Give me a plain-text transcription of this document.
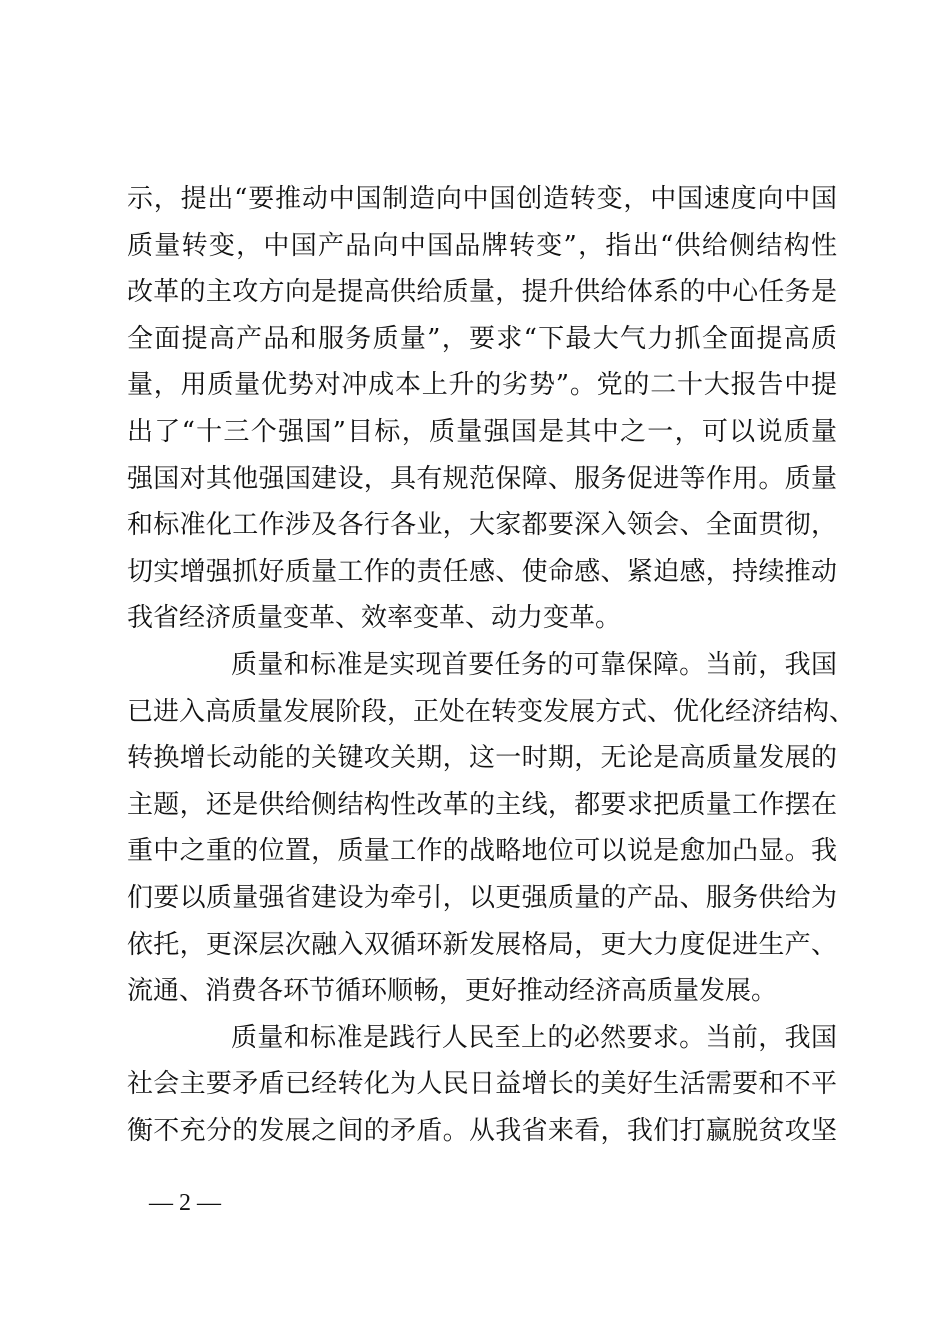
示，提出“要推动中国制造向中国创造转变，中国速度向中国
质量转变，中国产品向中国品牌转变”，指出“供给侧结构性
改革的主攻方向是提高供给质量，提升供给体系的中心任务是
全面提高产品和服务质量”，要求“下最大气力抓全面提高质
量，用质量优势对冲成本上升的劣势”。党的二十大报告中提
出了“十三个强国”目标，质量强国是其中之一，可以说质量
强国对其他强国建设，具有规范保障、服务促进等作用。质量
和标准化工作涉及各行各业，大家都要深入领会、全面贯彻，
切实增强抓好质量工作的责任感、使命感、紧迫感，持续推动
我省经济质量变革、效率变革、动力变革。
质量和标准是实现首要任务的可靠保障。当前，我国
已进入高质量发展阶段，正处在转变发展方式、优化经济结构、
转换增长动能的关键攻关期，这一时期，无论是高质量发展的
主题，还是供给侧结构性改革的主线，都要求把质量工作摆在
重中之重的位置，质量工作的战略地位可以说是愈加凸显。我
们要以质量强省建设为牵引，以更强质量的产品、服务供给为
依托，更深层次融入双循环新发展格局，更大力度促进生产、
流通、消费各环节循环顺畅，更好推动经济高质量发展。
质量和标准是践行人民至上的必然要求。当前，我国
社会主要矛盾已经转化为人民日益增长的美好生活需要和不平
衡不充分的发展之间的矛盾。从我省来看，我们打赢脱贫攻坚
— 2 —
